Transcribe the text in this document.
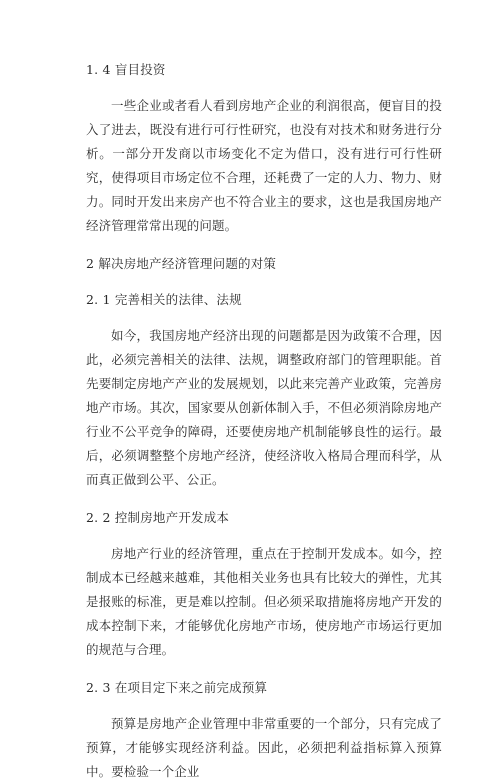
1. 4 盲目投资

一些企业或者看人看到房地产企业的利润很高，便盲目的投入了进去，既没有进行可行性研究，也没有对技术和财务进行分析。一部分开发商以市场变化不定为借口，没有进行可行性研究，使得项目市场定位不合理，还耗费了一定的人力、物力、财力。同时开发出来房产也不符合业主的要求，这也是我国房地产经济管理常常出现的问题。

2 解决房地产经济管理问题的对策

2. 1 完善相关的法律、法规

如今，我国房地产经济出现的问题都是因为政策不合理，因此，必须完善相关的法律、法规，调整政府部门的管理职能。首先要制定房地产产业的发展规划，以此来完善产业政策，完善房地产市场。其次，国家要从创新体制入手，不但必须消除房地产行业不公平竞争的障碍，还要使房地产机制能够良性的运行。最后，必须调整整个房地产经济，使经济收入格局合理而科学，从而真正做到公平、公正。

2. 2 控制房地产开发成本

房地产行业的经济管理，重点在于控制开发成本。如今，控制成本已经越来越难，其他相关业务也具有比较大的弹性，尤其是报账的标准，更是难以控制。但必须采取措施将房地产开发的成本控制下来，才能够优化房地产市场，使房地产市场运行更加的规范与合理。

2. 3 在项目定下来之前完成预算

预算是房地产企业管理中非常重要的一个部分，只有完成了预算，才能够实现经济利益。因此，必须把利益指标算入预算中。要检验一个企业
